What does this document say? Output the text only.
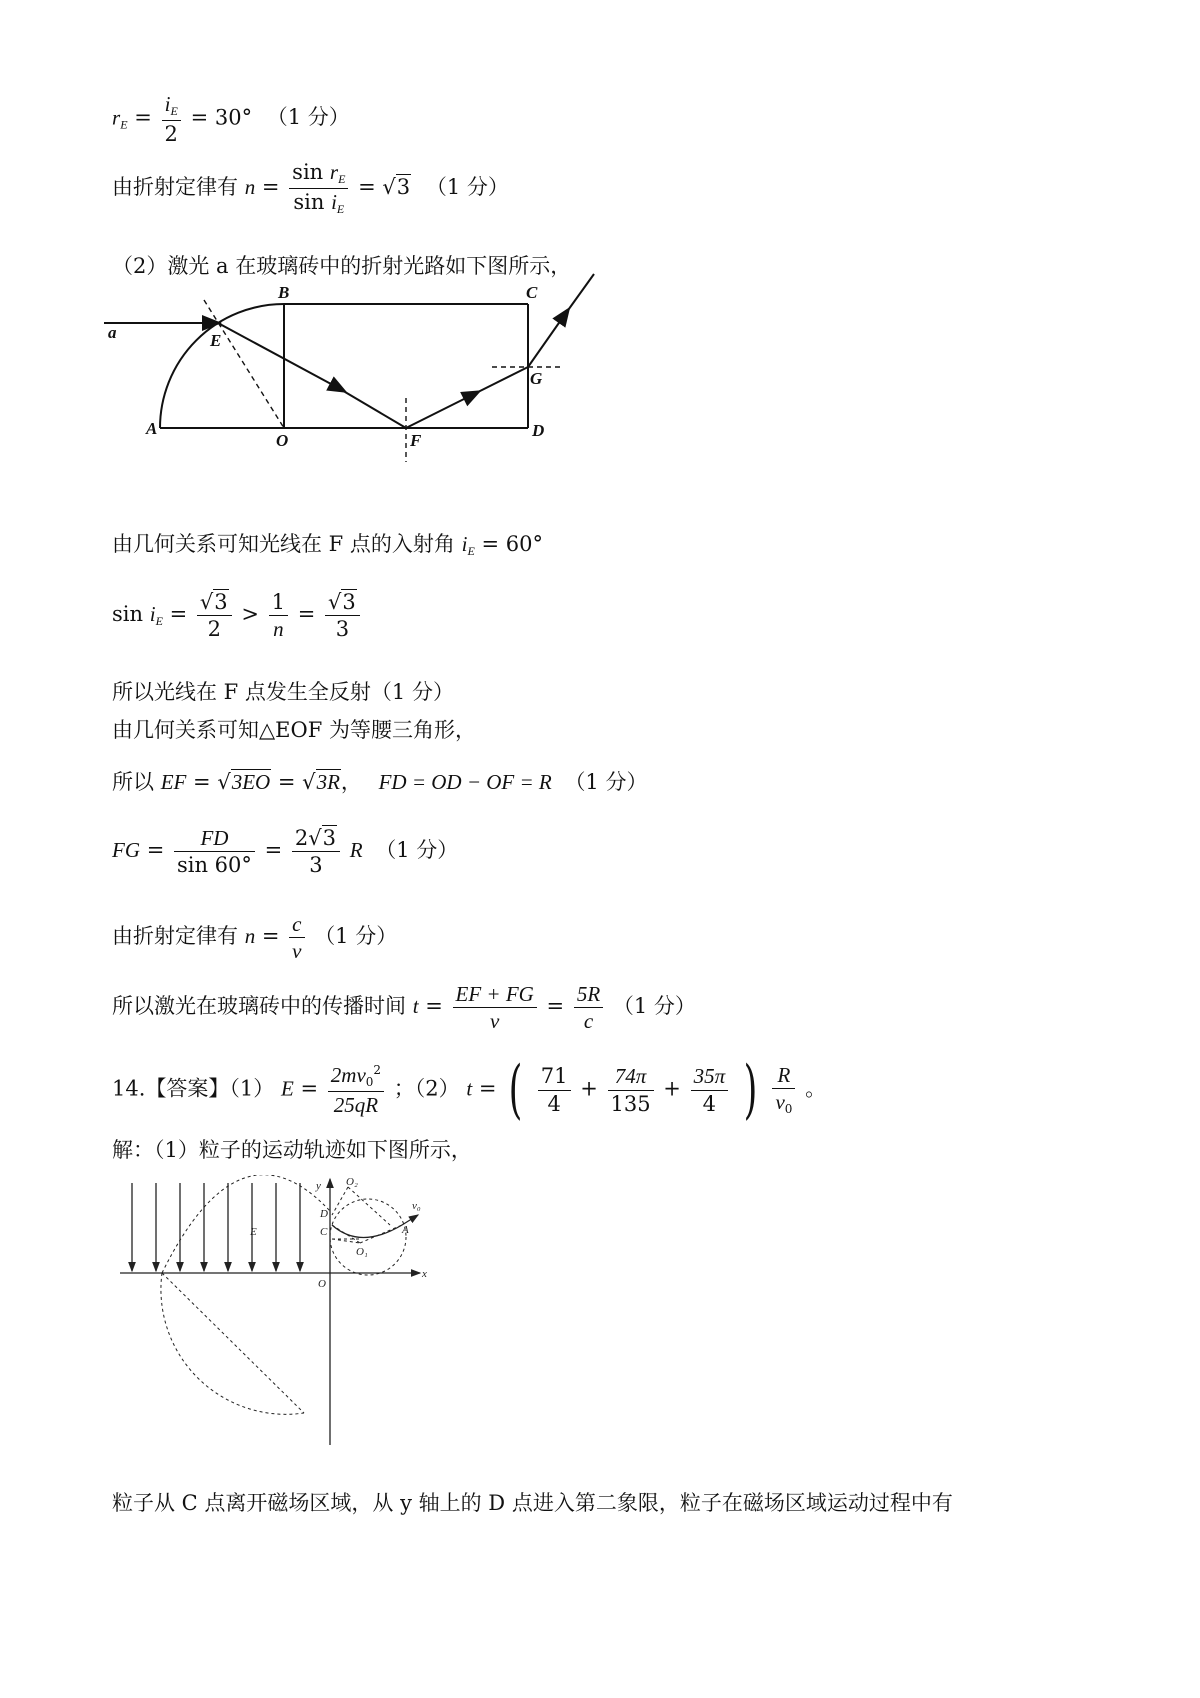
$r_E = \frac{i_E}{2} = 30^\circ$ （1 分）
由折射定律有 $n = \frac{\sin r_E}{\sin i_E} = √3$ （1 分）
（2）激光 a 在玻璃砖中的折射光路如下图所示，
a	E
B	C
G
A
O	F
D
由几何关系可知光线在 F 点的入射角 $i_E = 60^\circ$
$\sin i_E = \frac{√3}{2} > \frac{1}{n} = \frac{√3}{3}$
所以光线在 F 点发生全反射（1 分）
由几何关系可知△EOF 为等腰三角形，
所以 EF = √3EO = √3R， FD = OD − OF = R （1 分）
FG = $\frac{FD}{\sin 60^\circ} = \frac{2√3}{3}$ R （1 分）
由折射定律有 $n = \frac{c}{v} (1$ 分）
所以激光在玻璃砖中的传播时间 $t = \frac{EF + FG}{v} = \frac{5R}{c} (1$ 分）
14.【答案】（1） $E = \frac{2mv_0^2}{25qR}$ ；（2） t = ( $\frac{71}{4} + \frac{74\pi}{135} + \frac{35\pi}{4}$ ) $\frac{R}{v_0}$ 。
解：（1）粒子的运动轨迹如下图所示，
y O₂
D
v₀
C	A
E
O₁
O
x
粒子从 C 点离开磁场区域，从 y 轴上的 D 点进入第二象限，粒子在磁场区域运动过程中有
